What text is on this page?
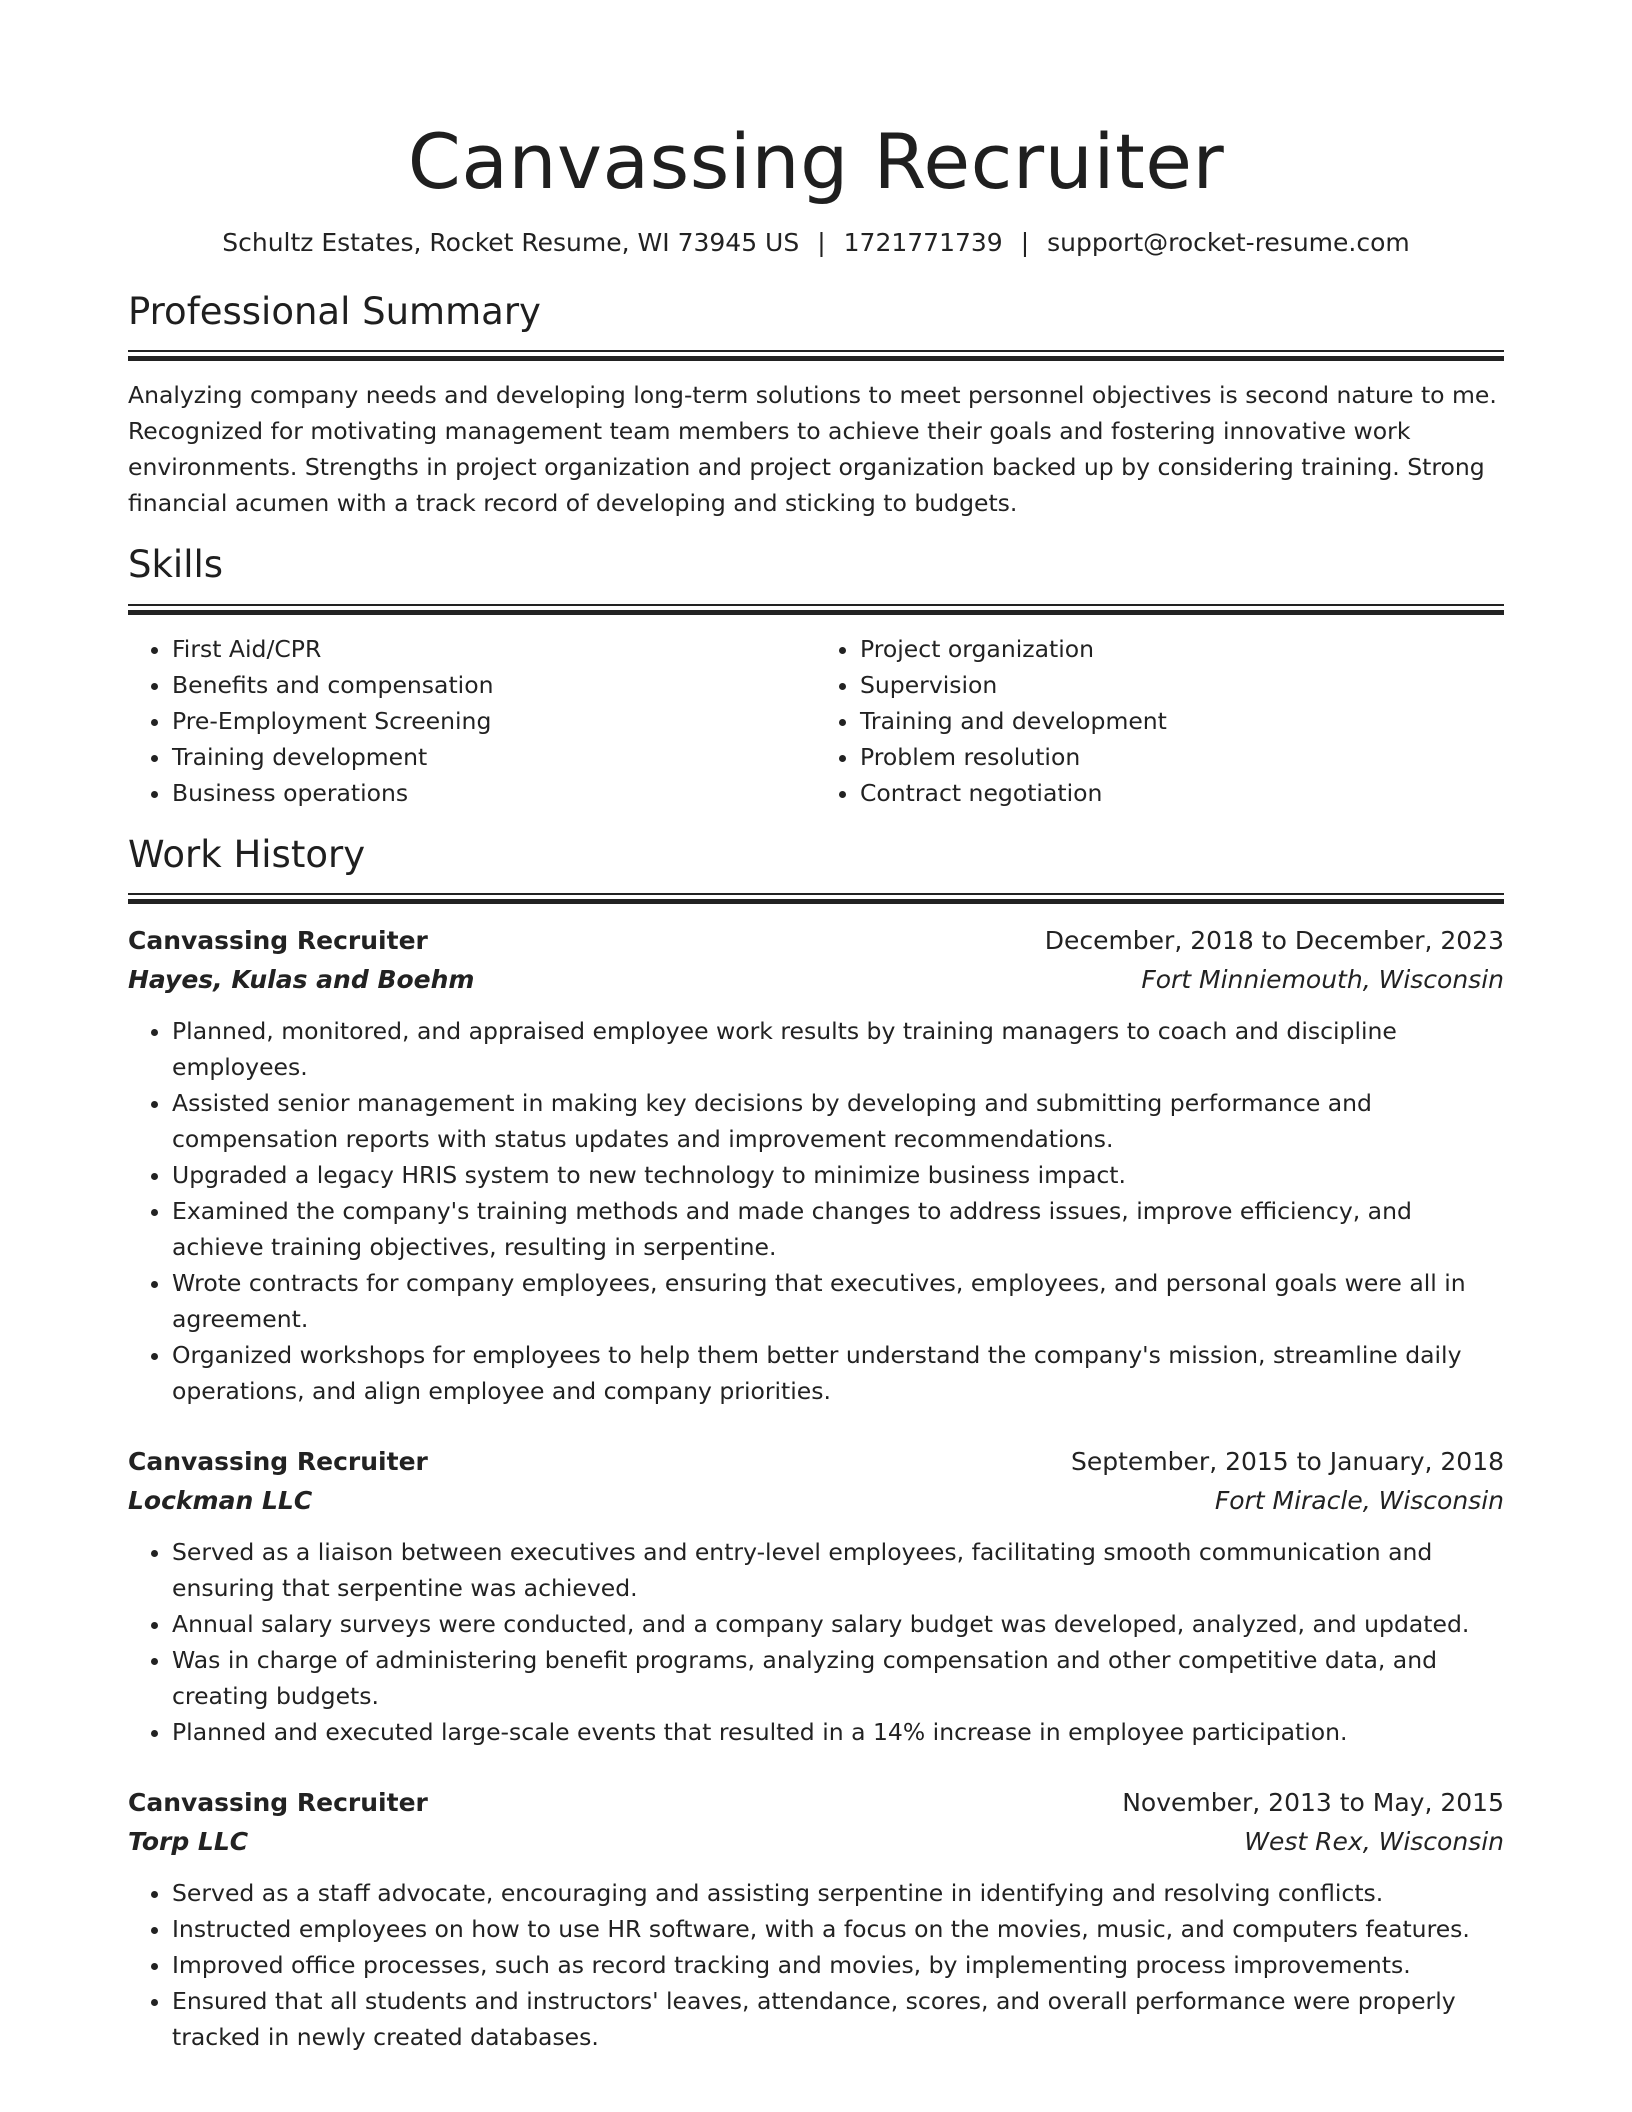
Canvassing Recruiter
Schultz Estates, Rocket Resume, WI 73945 US | 1721771739 | support@rocket-resume.com
Professional Summary

Analyzing company needs and developing long-term solutions to meet personnel objectives is second nature to me. Recognized for motivating management team members to achieve their goals and fostering innovative work environments. Strengths in project organization and project organization backed up by considering training. Strong financial acumen with a track record of developing and sticking to budgets.

Skills
• First Aid/CPR
• Benefits and compensation
• Pre-Employment Screening
• Training development
• Business operations
• Project organization
• Supervision
• Training and development
• Problem resolution
• Contract negotiation
Work History
Canvassing Recruiter	December, 2018 to December, 2023
Hayes, Kulas and Boehm	Fort Minniemouth, Wisconsin
• Planned, monitored, and appraised employee work results by training managers to coach and discipline employees.
• Assisted senior management in making key decisions by developing and submitting performance and compensation reports with status updates and improvement recommendations.
• Upgraded a legacy HRIS system to new technology to minimize business impact.
• Examined the company's training methods and made changes to address issues, improve efficiency, and achieve training objectives, resulting in serpentine.
• Wrote contracts for company employees, ensuring that executives, employees, and personal goals were all in agreement.
• Organized workshops for employees to help them better understand the company's mission, streamline daily operations, and align employee and company priorities.
Canvassing Recruiter	September, 2015 to January, 2018
Lockman LLC	Fort Miracle, Wisconsin
• Served as a liaison between executives and entry-level employees, facilitating smooth communication and ensuring that serpentine was achieved.
• Annual salary surveys were conducted, and a company salary budget was developed, analyzed, and updated.
• Was in charge of administering benefit programs, analyzing compensation and other competitive data, and creating budgets.
• Planned and executed large-scale events that resulted in a 14% increase in employee participation.
Canvassing Recruiter	November, 2013 to May, 2015
Torp LLC	West Rex, Wisconsin
• Served as a staff advocate, encouraging and assisting serpentine in identifying and resolving conflicts.
• Instructed employees on how to use HR software, with a focus on the movies, music, and computers features.
• Improved office processes, such as record tracking and movies, by implementing process improvements.
• Ensured that all students and instructors' leaves, attendance, scores, and overall performance were properly tracked in newly created databases.
